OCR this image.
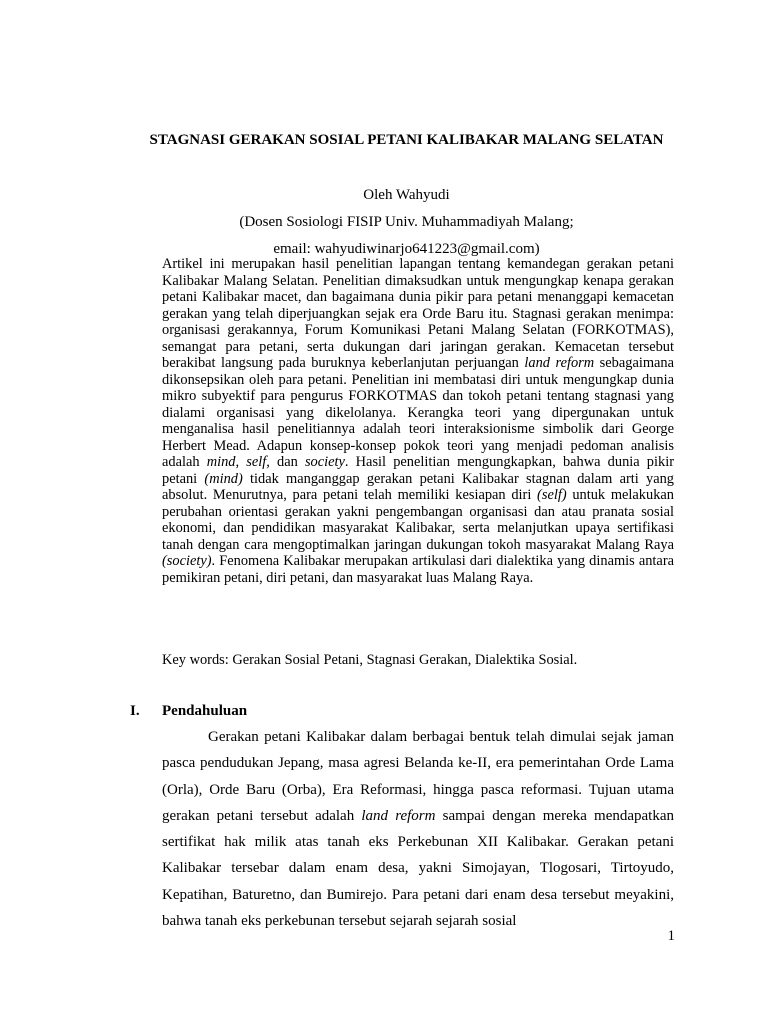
STAGNASI GERAKAN SOSIAL PETANI KALIBAKAR MALANG SELATAN
Oleh Wahyudi
(Dosen Sosiologi FISIP Univ. Muhammadiyah Malang;
email: wahyudiwinarjo641223@gmail.com)

Artikel ini merupakan hasil penelitian lapangan tentang kemandegan gerakan petani Kalibakar Malang Selatan. Penelitian dimaksudkan untuk mengungkap kenapa gerakan petani Kalibakar macet, dan bagaimana dunia pikir para petani menanggapi kemacetan gerakan yang telah diperjuangkan sejak era Orde Baru itu. Stagnasi gerakan menimpa: organisasi gerakannya, Forum Komunikasi Petani Malang Selatan (FORKOTMAS), semangat para petani, serta dukungan dari jaringan gerakan. Kemacetan tersebut berakibat langsung pada buruknya keberlanjutan perjuangan land reform sebagaimana dikonsepsikan oleh para petani. Penelitian ini membatasi diri untuk mengungkap dunia mikro subyektif para pengurus FORKOTMAS dan tokoh petani tentang stagnasi yang dialami organisasi yang dikelolanya. Kerangka teori yang dipergunakan untuk menganalisa hasil penelitiannya adalah teori interaksionisme simbolik dari George Herbert Mead. Adapun konsep-konsep pokok teori yang menjadi pedoman analisis adalah mind, self, dan society. Hasil penelitian mengungkapkan, bahwa dunia pikir petani (mind) tidak manganggap gerakan petani Kalibakar stagnan dalam arti yang absolut. Menurutnya, para petani telah memiliki kesiapan diri (self) untuk melakukan perubahan orientasi gerakan yakni pengembangan organisasi dan atau pranata sosial ekonomi, dan pendidikan masyarakat Kalibakar, serta melanjutkan upaya sertifikasi tanah dengan cara mengoptimalkan jaringan dukungan tokoh masyarakat Malang Raya (society). Fenomena Kalibakar merupakan artikulasi dari dialektika yang dinamis antara pemikiran petani, diri petani, dan masyarakat luas Malang Raya.

Key words: Gerakan Sosial Petani, Stagnasi Gerakan, Dialektika Sosial.
I. Pendahuluan

Gerakan petani Kalibakar dalam berbagai bentuk telah dimulai sejak jaman pasca pendudukan Jepang, masa agresi Belanda ke-II, era pemerintahan Orde Lama (Orla), Orde Baru (Orba), Era Reformasi, hingga pasca reformasi. Tujuan utama gerakan petani tersebut adalah land reform sampai dengan mereka mendapatkan sertifikat hak milik atas tanah eks Perkebunan XII Kalibakar. Gerakan petani Kalibakar tersebar dalam enam desa, yakni Simojayan, Tlogosari, Tirtoyudo, Kepatihan, Baturetno, dan Bumirejo. Para petani dari enam desa tersebut meyakini, bahwa tanah eks perkebunan tersebut sejarah sejarah sosial

1
